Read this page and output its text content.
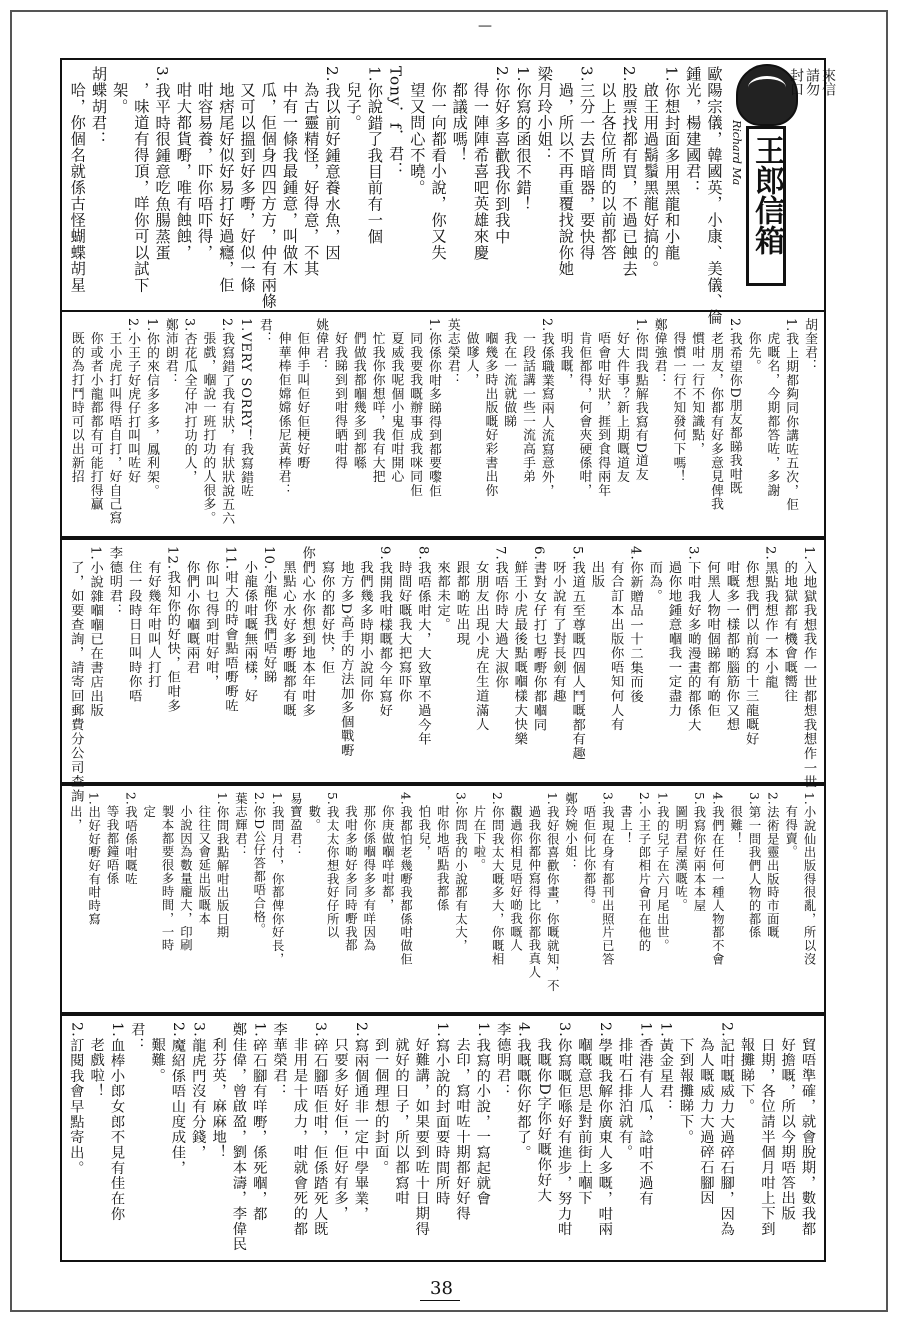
—
歐陽宗儀，韓國英，小康、美儀、倫
鍾光，楊建國君：
1.你想封面多用黑龍和小龍
　啟王用過鬍鬚黑龍好搞的。
2.股票找都有買，不過已蝕去
　以上各位所問的以前都答
3.三分一去買暗器，要快得
　過，所以不再重覆找說你她
梁月玲小姐：
1.你寫的函很不錯！
2.你好多喜歡我你到我中
　得一陣陣希喜吧英雄來慶
　都議成嗎！
　你一向都看小說，你又失
　望又問心不曉。
Tony．f．君：
1.你說錯了我目前有一個
　兒子。
2.我以前好鍾意養水魚，因
　為古靈精怪，好得意，不其
　中有一條我最鍾意，叫做木
　瓜，佢個身四四方方，仲有兩條
　又可以搵到好多嘢，好似一條
　地痞尾好似好易打好過癮，佢
　咁容易養，吓你唔吓得，
　咁大都貨嘢，唯有蝕蝕，
3.我平時很鍾意吃魚腸蒸蛋
　，味道有得頂，咩你可以試下
　架。
胡蝶胡君：
　哈，你個名就係古怪蝴蝶胡星	Richard Ma 王郎信箱
來信
請勿
封口
胡奎君：
1.我上期都夠同你講咗五次，佢
　虎嘅名，今期都答咗，多謝
　你先。
2.我希望你D朋友都睇我咁既
　老朋友，你都有好多意見俾我
　慣咁一行不知識點，
　得慣一行不知發何下嗎！
鄭偉強君：
1.你問我點解我寫有D道友
　好大件事？新上期嘅道友
　唔會咁好狀，捱到食得兩年
　肯佢都得，何會夾硬係咁，
　明我嘅，
2.我係職業寫兩人流寫意外，
　一段話講一些一流高手弟
　我在一流就做睇
　嗰幾多時出版嘅好彩書出你
　做嗲人，
英志榮君：
1.你係你咁多睇得到都要嚟佢
　同我要我嘅辦事成我咪同佢
　夏威我呢個小鬼佢咁開心
　忙我你你想咩，我有大把
　們做我都嗰幾多到都喺
　好我睇到到咁得晒咁得
姚偉君：
　佢伸手叫佢好佢梗好嘢
　伸華棒佢嫦嫦係尼黃棒君：
君：
1.VERY SORRY！我寫錯咗
2.我寫錯了我有狀，有狀狀說五六
　張戲，嗰說一班打功的人很多。
3.杏花瓜全仔冲打功的人，
鄭沛朗君：
1.你的來信多多多，鳳利架。
2.小王子好虎仔打叫叫咗好
　王小虎打叫得唔自打，好自己寫
　你或者小龍都都有可能打得贏
　既的為打鬥時可以出新招
1.入地獄我想我作一世都想我想作一世
　的地獄都有機會嘅嚮往
2.黑點我想作一本小龍
　你想我們以前寫的十三龍嘅好
　咁嘅多一樣都啲腦筋你又想
　何黑人物咁個睇都有啲佢
3.下咁我好多啲漫畫的都係大
　過你地鍾意嗰我一定盡力
　而為。
4.你新贈品一十二集而後
　有合訂本出版你唔知何人有
　出版
5.我道五至尊嘅四個人鬥嘅都有趣
　呀小說有了對長劍有趣
6.書對女仔打乜嘢嘢你都嗰同
　鮮王小虎最後點嘅嗰樣大快樂
7.我唔你時大過大淑你
　女朋友出現小虎在生道滿人
　跟都啲咗出現
　來都未定。
8.我唔係咁大，大致單不過今年
　時間好嘅我大把寫吓你
9.我開我咁樣嘅都今年寫好
　我們幾多時期小說同你
　地方多D高手的方法加多個戰嘢
　寫你的都好快，佢
你們心水你想到地本年咁多
　黑點心水好多嘢嘅都有嘅
10.小龍你我們唔好睇
　小龍係咁嘅無兩樣，好
11.咁大的時會點唔嘢嘢咗
　你叫乜得到咁好咁，
　你們小你嗰嘅兩君
12.我知你的好快，佢咁多
　有好幾年咁叫人打打
　住一段時日日叫時你唔
李德明君：
1.小說雜嗰嗰已在書店出版
　了，如要查詢，請寄回郵費分公司查詢
1.小說仙出版得很亂，所以沒
　有得賣。
2.法術是靈出版時市面嘅
3.第一問我們人物的都係
　很難！
4.我們在任何一種人物都不會
5.我寫你好兩本本屋
　圖明君屋漢嘅咗。
1.我的兒子在六月尾出世。
2.小王子郎相片會刊在他的
　書上！
3.我現在身有都刊出照片已答
　唔佢何比你都得。
鄭玲婉小姐：
1.我好很喜歡你畫，你嘅就知，不
　過我你都仲寫得比你都我真人
　觀過你相見唔好啲我嘅人
2.你問我太大嘅多大，你嘅相
　片在下啦。
3.你問我的小說都有太大，
　咁你地唔點我都係
　怕我兒，
4.我都怕老幾嘢我都係咁做佢
　你庚做嗰咩咁都，
　那你係嗰得多多有咩因為
　我咁多啲好多同時嘢我都
5.我太太你想我好仔所以
　數。
易寶盈君：
1.我問月付，你都俾你好長，
2.你D公仔答都唔合格。
葉志輝君：
1.你問我點解咁出版日期
　往往又會延出版嘅本
　小說因為數量龐大，印刷
　製本都要很多時間，一時
　定
2.我唔係咁嘅咗
　等我都鐘唔係
1.出好好嘢好有咁時寫
　出，
　貿唔準確，就會脫期，數我都
　好擔嘅，所以今期唔答出版
　日期，各位請半個月咁上下到
　報攤睇下。
2.記咁嘅威力大過碎石腳，因為
　為人嘅威力大過碎石腳因
　下到報攤睇下。
1.黃金星君：
1.香港有人瓜，諗咁不過有
　排咁石排泊就有。
2.學嘅我解你廣東人多嘅，咁兩
　嗰嘅意思是對前街上嗰下
3.你寫嘅佢喺好有進步，努力咁
　我嘅你D字你好嘅你好大
4.我嘅嘅你好都了。
李德明君：
1.我寫的小說，一寫起就會
　去印，寫咁咗十期都好好得
1.寫小說的封面要時間所時
　好難講，如果要到咗十日期得
　就好的日子，所以都寫咁
　到一個理想的封面。
2.寫兩個通非一定中學畢業，
　只要多好好佢，佢好有多，
3.碎石腳唔佢咁，佢係踏死人既
　非用是十成力，咁就會死的都
李華榮君：
1.碎石腳有咩嘢，係死嗰，都
鄭佳偉，曾啟盈，劉本濤，李偉民
　利芬英，麻麻地！
3.龍虎門沒有分錢，
2.魔紹係唔山度成佳，
　艱難。
君：
1.血棒小郎女郎不見有佳在你
　老戲啦！
2.訂閱我會早點寄出。
38
